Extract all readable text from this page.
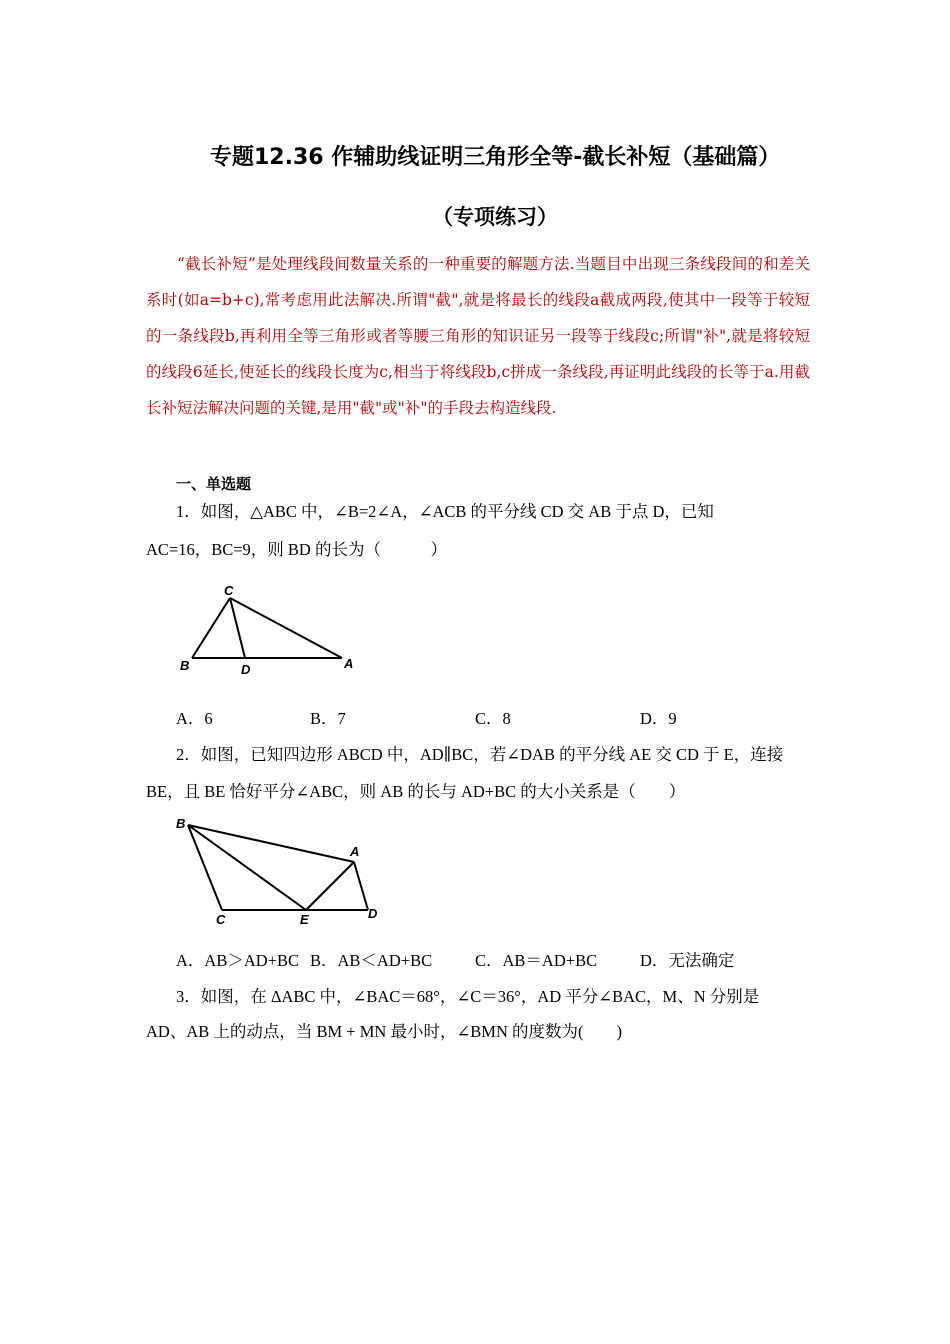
专题12.36 作辅助线证明三角形全等-截长补短（基础篇）
（专项练习）

“截长补短”是处理线段间数量关系的一种重要的解题方法.当题目中出现三条线段间的和差关系时(如a=b+c),常考虑用此法解决.所谓"截",就是将最长的线段a截成两段,使其中一段等于较短的一条线段b,再利用全等三角形或者等腰三角形的知识证另一段等于线段c;所谓"补",就是将较短的线段6延长,使延长的线段长度为c,相当于将线段b,c拼成一条线段,再证明此线段的长等于a.用截长补短法解决问题的关键,是用"截"或"补"的手段去构造线段.

一、单选题
1．如图，△ABC 中，∠B=2∠A，∠ACB 的平分线 CD 交 AB 于点 D，已知
AC=16，BC=9，则 BD 的长为（　　　）
C
B	D	A
A．6	B．7	C．8	D．9
2．如图，已知四边形 ABCD 中，AD∥BC，若∠DAB 的平分线 AE 交 CD 于 E，连接
BE，且 BE 恰好平分∠ABC，则 AB 的长与 AD+BC 的大小关系是（　　）
B
A
C	E	D
A．AB＞AD+BC B．AB＜AD+BC	C．AB＝AD+BC	D．无法确定
3．如图，在 ΔABC 中，∠BAC＝68°，∠C＝36°，AD 平分∠BAC，M、N 分别是
AD、AB 上的动点，当 BM + MN 最小时，∠BMN 的度数为(　　)
